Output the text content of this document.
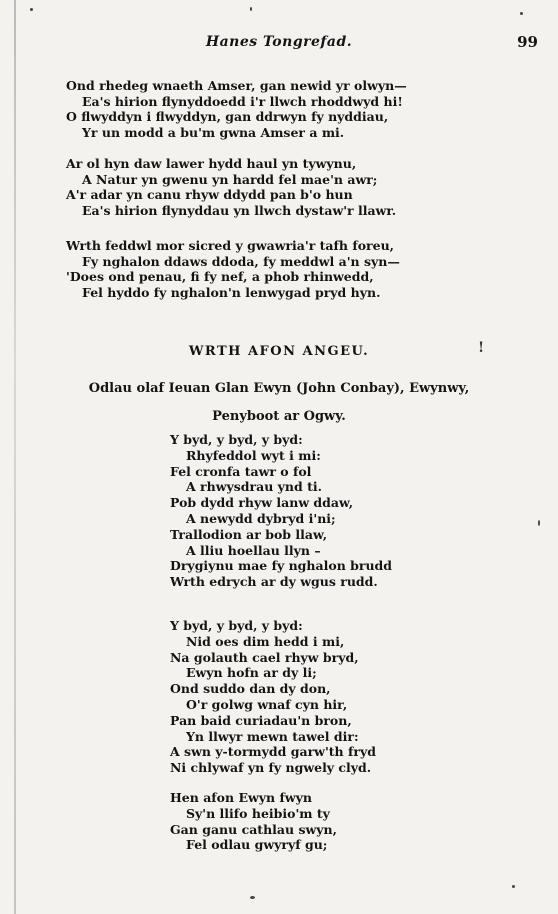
Hanes Tongrefad.	99
Ond rhedeg wnaeth Amser, gan newid yr olwyn—
Ea's hirion flynyddoedd i'r llwch rhoddwyd hi!
O flwyddyn i flwyddyn, gan ddrwyn fy nyddiau,
Yr un modd a bu'm gwna Amser a mi.
Ar ol hyn daw lawer hydd haul yn tywynu,
A Natur yn gwenu yn hardd fel mae'n awr;
A'r adar yn canu rhyw ddydd pan b'o hun
Ea's hirion flynyddau yn llwch dystaw'r llawr.
Wrth feddwl mor sicred y gwawria'r tafh foreu,
Fy nghalon ddaws ddoda, fy meddwl a'n syn—
'Does ond penau, fi fy nef, a phob rhinwedd,
Fel hyddo fy nghalon'n lenwygad pryd hyn.
WRTH AFON ANGEU.	!
Odlau olaf Ieuan Glan Ewyn (John Conbay), Ewynwy,
Penyboot ar Ogwy.
Y byd, y byd, y byd:
Rhyfeddol wyt i mi:
Fel cronfa tawr o fol
A rhwysdrau ynd ti.
Pob dydd rhyw lanw ddaw,
A newydd dybryd i'ni;
Trallodion ar bob llaw,
A lliu hoellau llyn –
Drygiynu mae fy nghalon brudd
Wrth edrych ar dy wgus rudd.
Y byd, y byd, y byd:
Nid oes dim hedd i mi,
Na golauth cael rhyw bryd,
Ewyn hofn ar dy li;
Ond suddo dan dy don,
O'r golwg wnaf cyn hir,
Pan baid curiadau'n bron,
Yn llwyr mewn tawel dir:
A swn y-tormydd garw'th fryd
Ni chlywaf yn fy ngwely clyd.
Hen afon Ewyn fwyn
Sy'n llifo heibio'm ty
Gan ganu cathlau swyn,
Fel odlau gwyryf gu;
